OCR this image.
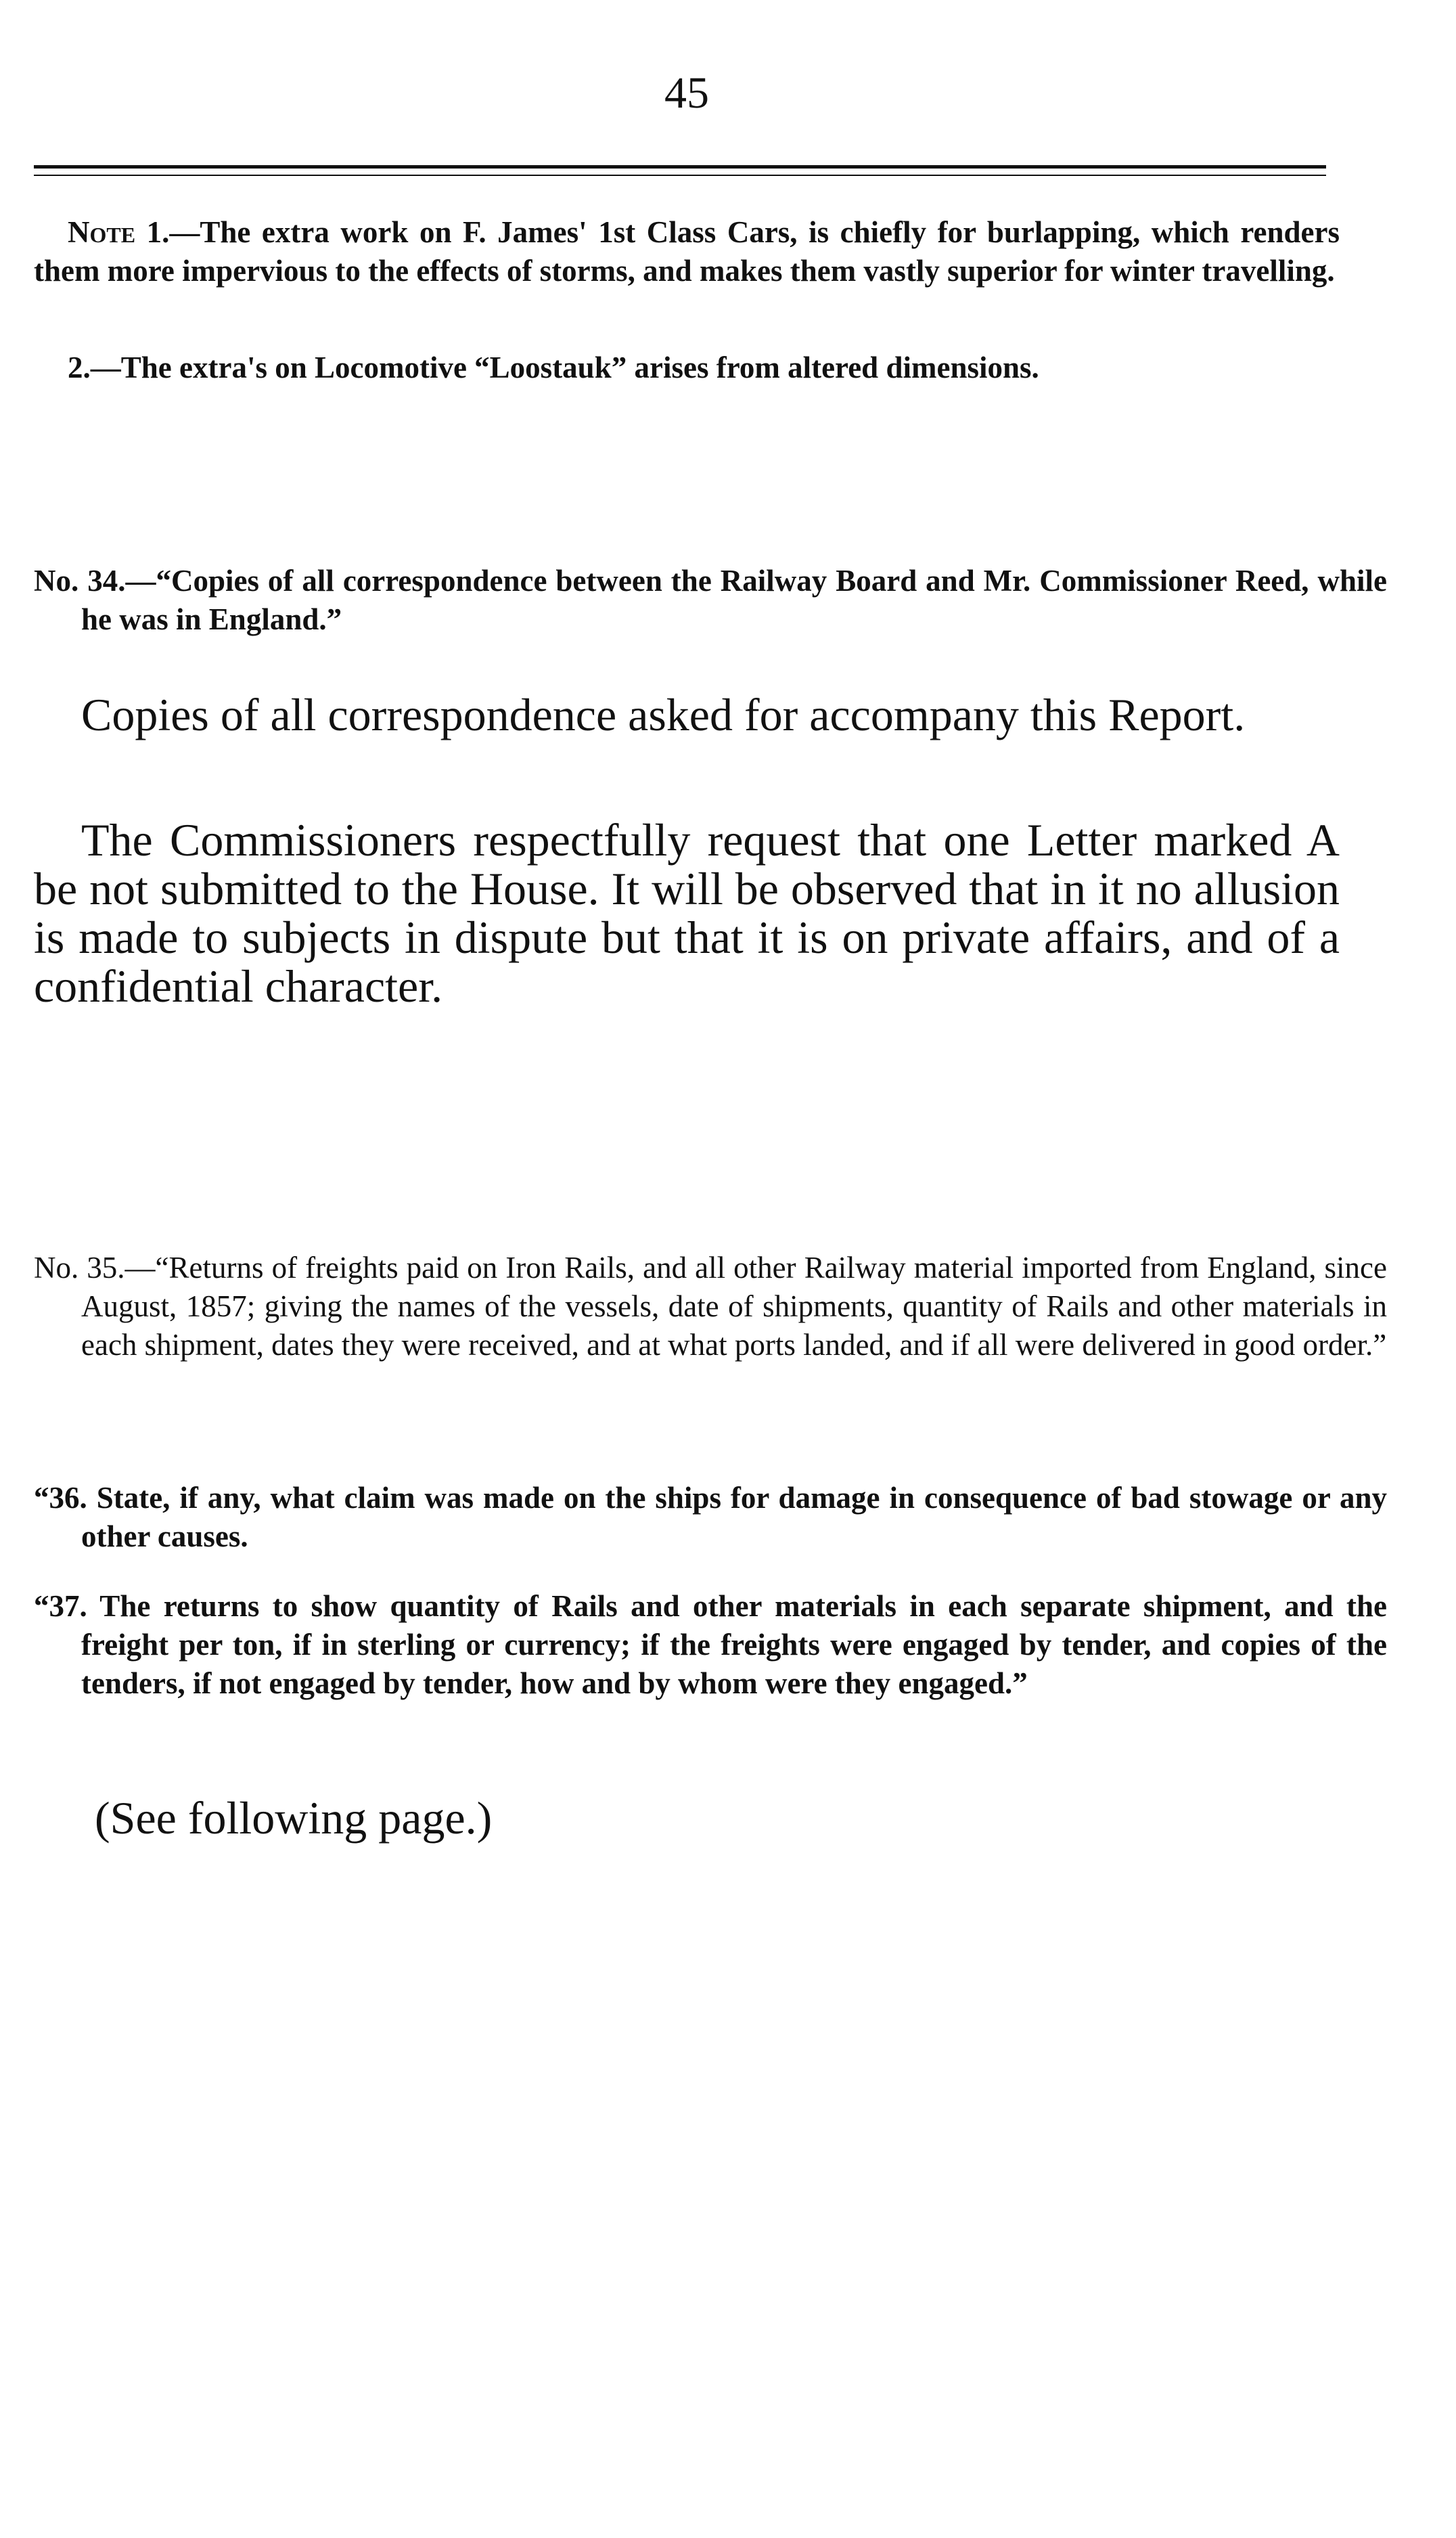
45
Note 1.—The extra work on F. James' 1st Class Cars, is chiefly for burlapping, which renders them more impervious to the effects of storms, and makes them vastly superior for winter travelling.
2.—The extra's on Locomotive “Loostauk” arises from altered dimensions.
No. 34.—“Copies of all correspondence between the Railway Board and Mr. Commissioner Reed, while he was in England.”
Copies of all correspondence asked for accompany this Report.
The Commissioners respectfully request that one Letter marked A be not submitted to the House. It will be observed that in it no allusion is made to subjects in dispute but that it is on private affairs, and of a confidential character.
No. 35.—“Returns of freights paid on Iron Rails, and all other Railway material imported from England, since August, 1857; giving the names of the vessels, date of shipments, quantity of Rails and other materials in each shipment, dates they were received, and at what ports landed, and if all were delivered in good order.”
“36. State, if any, what claim was made on the ships for damage in consequence of bad stowage or any other causes.
“37. The returns to show quantity of Rails and other materials in each separate shipment, and the freight per ton, if in sterling or currency; if the freights were engaged by tender, and copies of the tenders, if not engaged by tender, how and by whom were they engaged.”
(See following page.)
